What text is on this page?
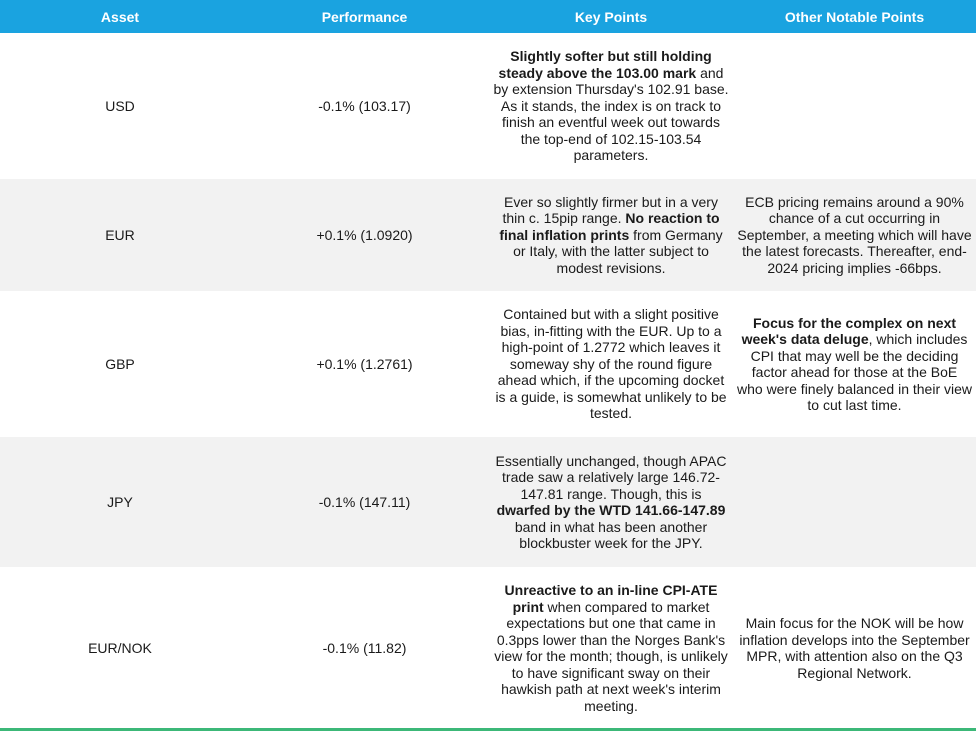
Asset	Performance	Key Points	Other Notable Points
USD	-0.1% (103.17)	Slightly softer but still holding steady above the 103.00 mark and by extension Thursday's 102.91 base. As it stands, the index is on track to finish an eventful week out towards the top-end of 102.15-103.54 parameters.	
EUR	+0.1% (1.0920)	Ever so slightly firmer but in a very thin c. 15pip range. No reaction to final inflation prints from Germany or Italy, with the latter subject to modest revisions.	ECB pricing remains around a 90% chance of a cut occurring in September, a meeting which will have the latest forecasts. Thereafter, end-2024 pricing implies -66bps.
GBP	+0.1% (1.2761)	Contained but with a slight positive bias, in-fitting with the EUR. Up to a high-point of 1.2772 which leaves it someway shy of the round figure ahead which, if the upcoming docket is a guide, is somewhat unlikely to be tested.	Focus for the complex on next week's data deluge, which includes CPI that may well be the deciding factor ahead for those at the BoE who were finely balanced in their view to cut last time.
JPY	-0.1% (147.11)	Essentially unchanged, though APAC trade saw a relatively large 146.72-147.81 range. Though, this is dwarfed by the WTD 141.66-147.89 band in what has been another blockbuster week for the JPY.	
EUR/NOK	-0.1% (11.82)	Unreactive to an in-line CPI-ATE print when compared to market expectations but one that came in 0.3pps lower than the Norges Bank's view for the month; though, is unlikely to have significant sway on their hawkish path at next week's interim meeting.	Main focus for the NOK will be how inflation develops into the September MPR, with attention also on the Q3 Regional Network.
